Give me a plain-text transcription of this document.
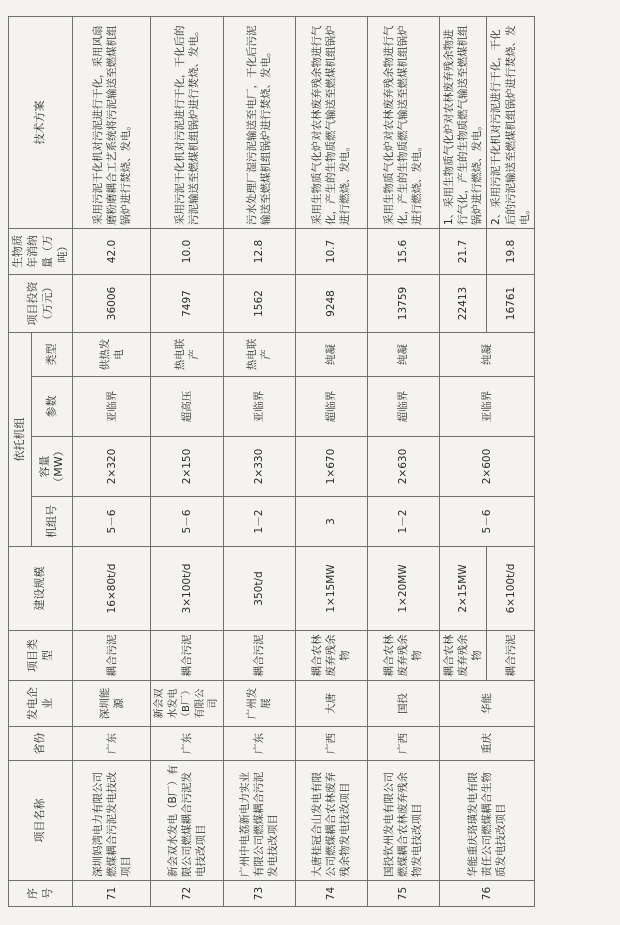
序号	项目名称	省份	发电企业	项目类型	建设规模	依托机组				项目投资（万元）	生物质年消纳量（万吨）	技术方案
						机组号	容量（MW）	参数	类型			
71	深圳妈湾电力有限公司燃煤耦合污泥发电技改项目	广东	深圳能源	耦合污泥	16×80t/d	5－6	2×320	亚临界	供热发电	36006	42.0	采用污泥干化机对污泥进行干化，采用风扇磨粉磨耦合工艺系统将污泥输送至燃煤机组锅炉进行焚烧、发电。
72	新会双水发电（B厂）有限公司燃煤耦合污泥发电技改项目	广东	新会双水发电（B厂）有限公司	耦合污泥	3×100t/d	5－6	2×150	超高压	热电联产	7497	10.0	采用污泥干化机对污泥进行干化，干化后的污泥输送至燃煤机组锅炉进行焚烧、发电。
73	广州中电荔新电力实业有限公司燃煤耦合污泥发电技改项目	广东	广州发展	耦合污泥	350t/d	1－2	2×330	亚临界	热电联产	1562	12.8	污水处理厂湿污泥输送至电厂，干化后污泥输送至燃煤机组锅炉进行焚烧、发电。
74	大唐桂冠合山发电有限公司燃煤耦合农林废弃残余物发电技改项目	广西	大唐	耦合农林废弃残余物	1×15MW	3	1×670	超临界	纯凝	9248	10.7	采用生物质气化炉对农林废弃残余物进行气化，产生的生物质燃气输送至燃煤机组锅炉进行燃烧、发电。
75	国投钦州发电有限公司燃煤耦合农林废弃残余物发电技改项目	广西	国投	耦合农林废弃残余物	1×20MW	1－2	2×630	超临界	纯凝	13759	15.6	采用生物质气化炉对农林废弃残余物进行气化，产生的生物质燃气输送至燃煤机组锅炉进行燃烧、发电。
76	华能重庆珞璜发电有限责任公司燃煤耦合生物质发电技改项目	重庆	华能	耦合农林废弃残余物	2×15MW	5－6	2×600	亚临界	纯凝	22413	21.7	1、采用生物质气化炉对农林废弃残余物进行气化，产生的生物质燃气输送至燃煤机组锅炉进行燃烧、发电。
				耦合污泥	6×100t/d					16761	19.8	2、采用污泥干化机对污泥进行干化，干化后的污泥输送至燃煤机组锅炉进行焚烧、发电。
